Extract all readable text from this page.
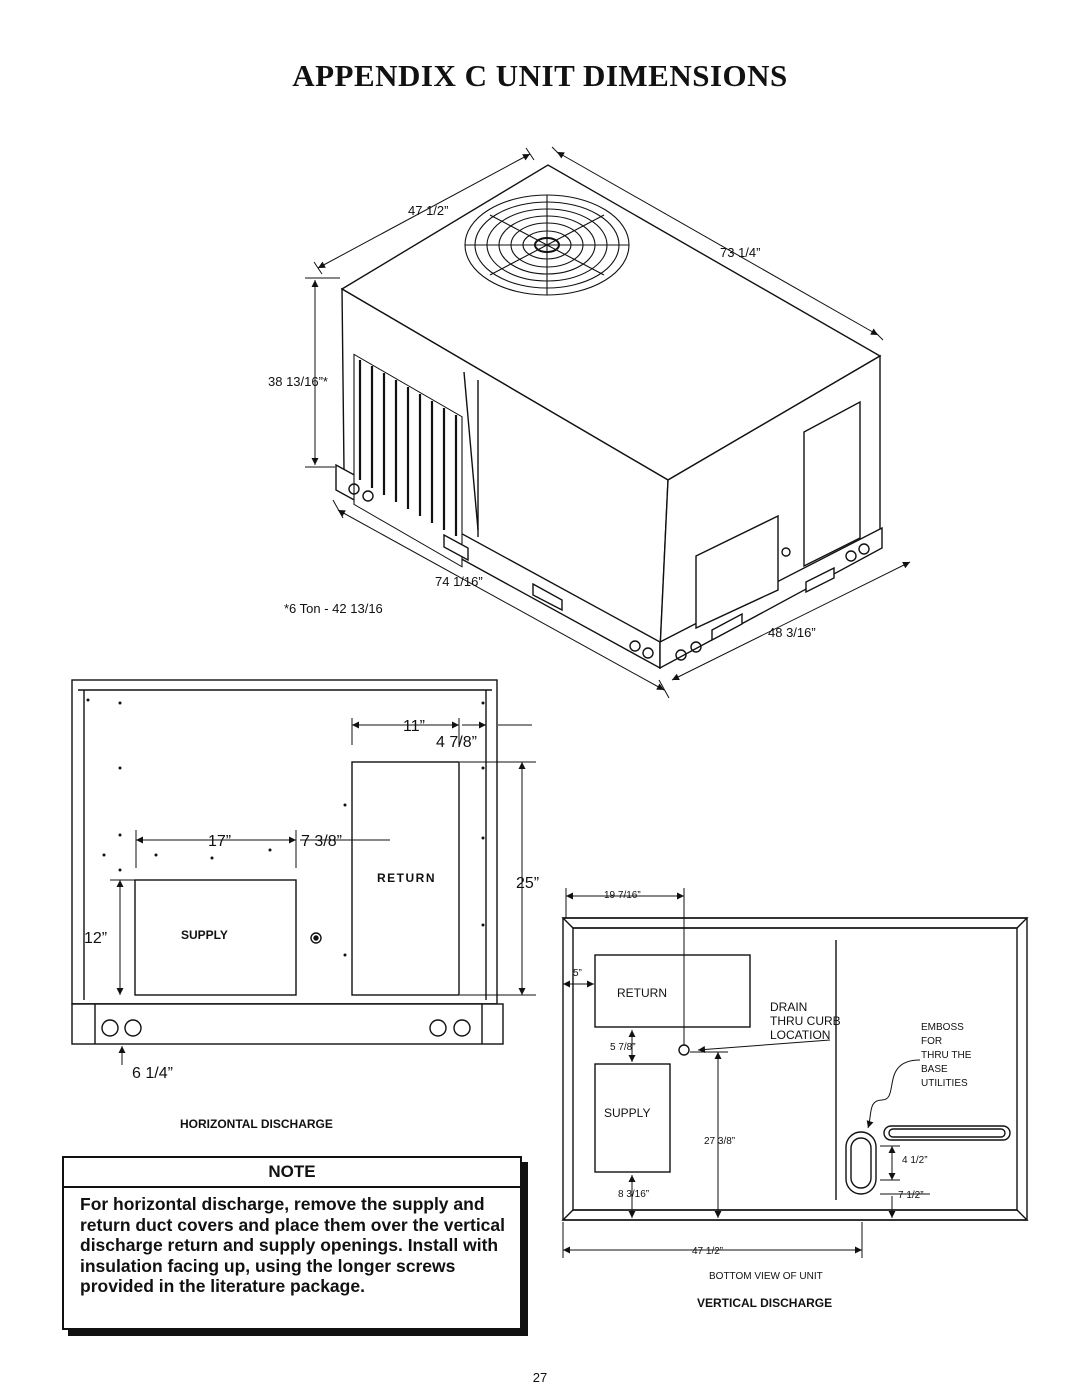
APPENDIX C UNIT DIMENSIONS
47 1/2”
73 1/4”
38 13/16”*
74 1/16”
48 3/16”
*6 Ton - 42 13/16
11”
4 7/8”
17”	7 3/8”
25”
12”
6 1/4”
RETURN
SUPPLY
HORIZONTAL DISCHARGE
19 7/16”
5”
5 7/8”
27 3/8”
8 3/16”
47 1/2”
4 1/2”
7 1/2”
RETURN
SUPPLY
DRAIN
THRU CURB
LOCATION
EMBOSS
FOR
THRU THE
BASE
UTILITIES
BOTTOM VIEW OF UNIT
VERTICAL DISCHARGE
NOTE
For horizontal discharge, remove the supply and return duct covers and place them over the vertical discharge return and supply openings. Install with insulation facing up, using the longer screws provided in the literature package.
27
